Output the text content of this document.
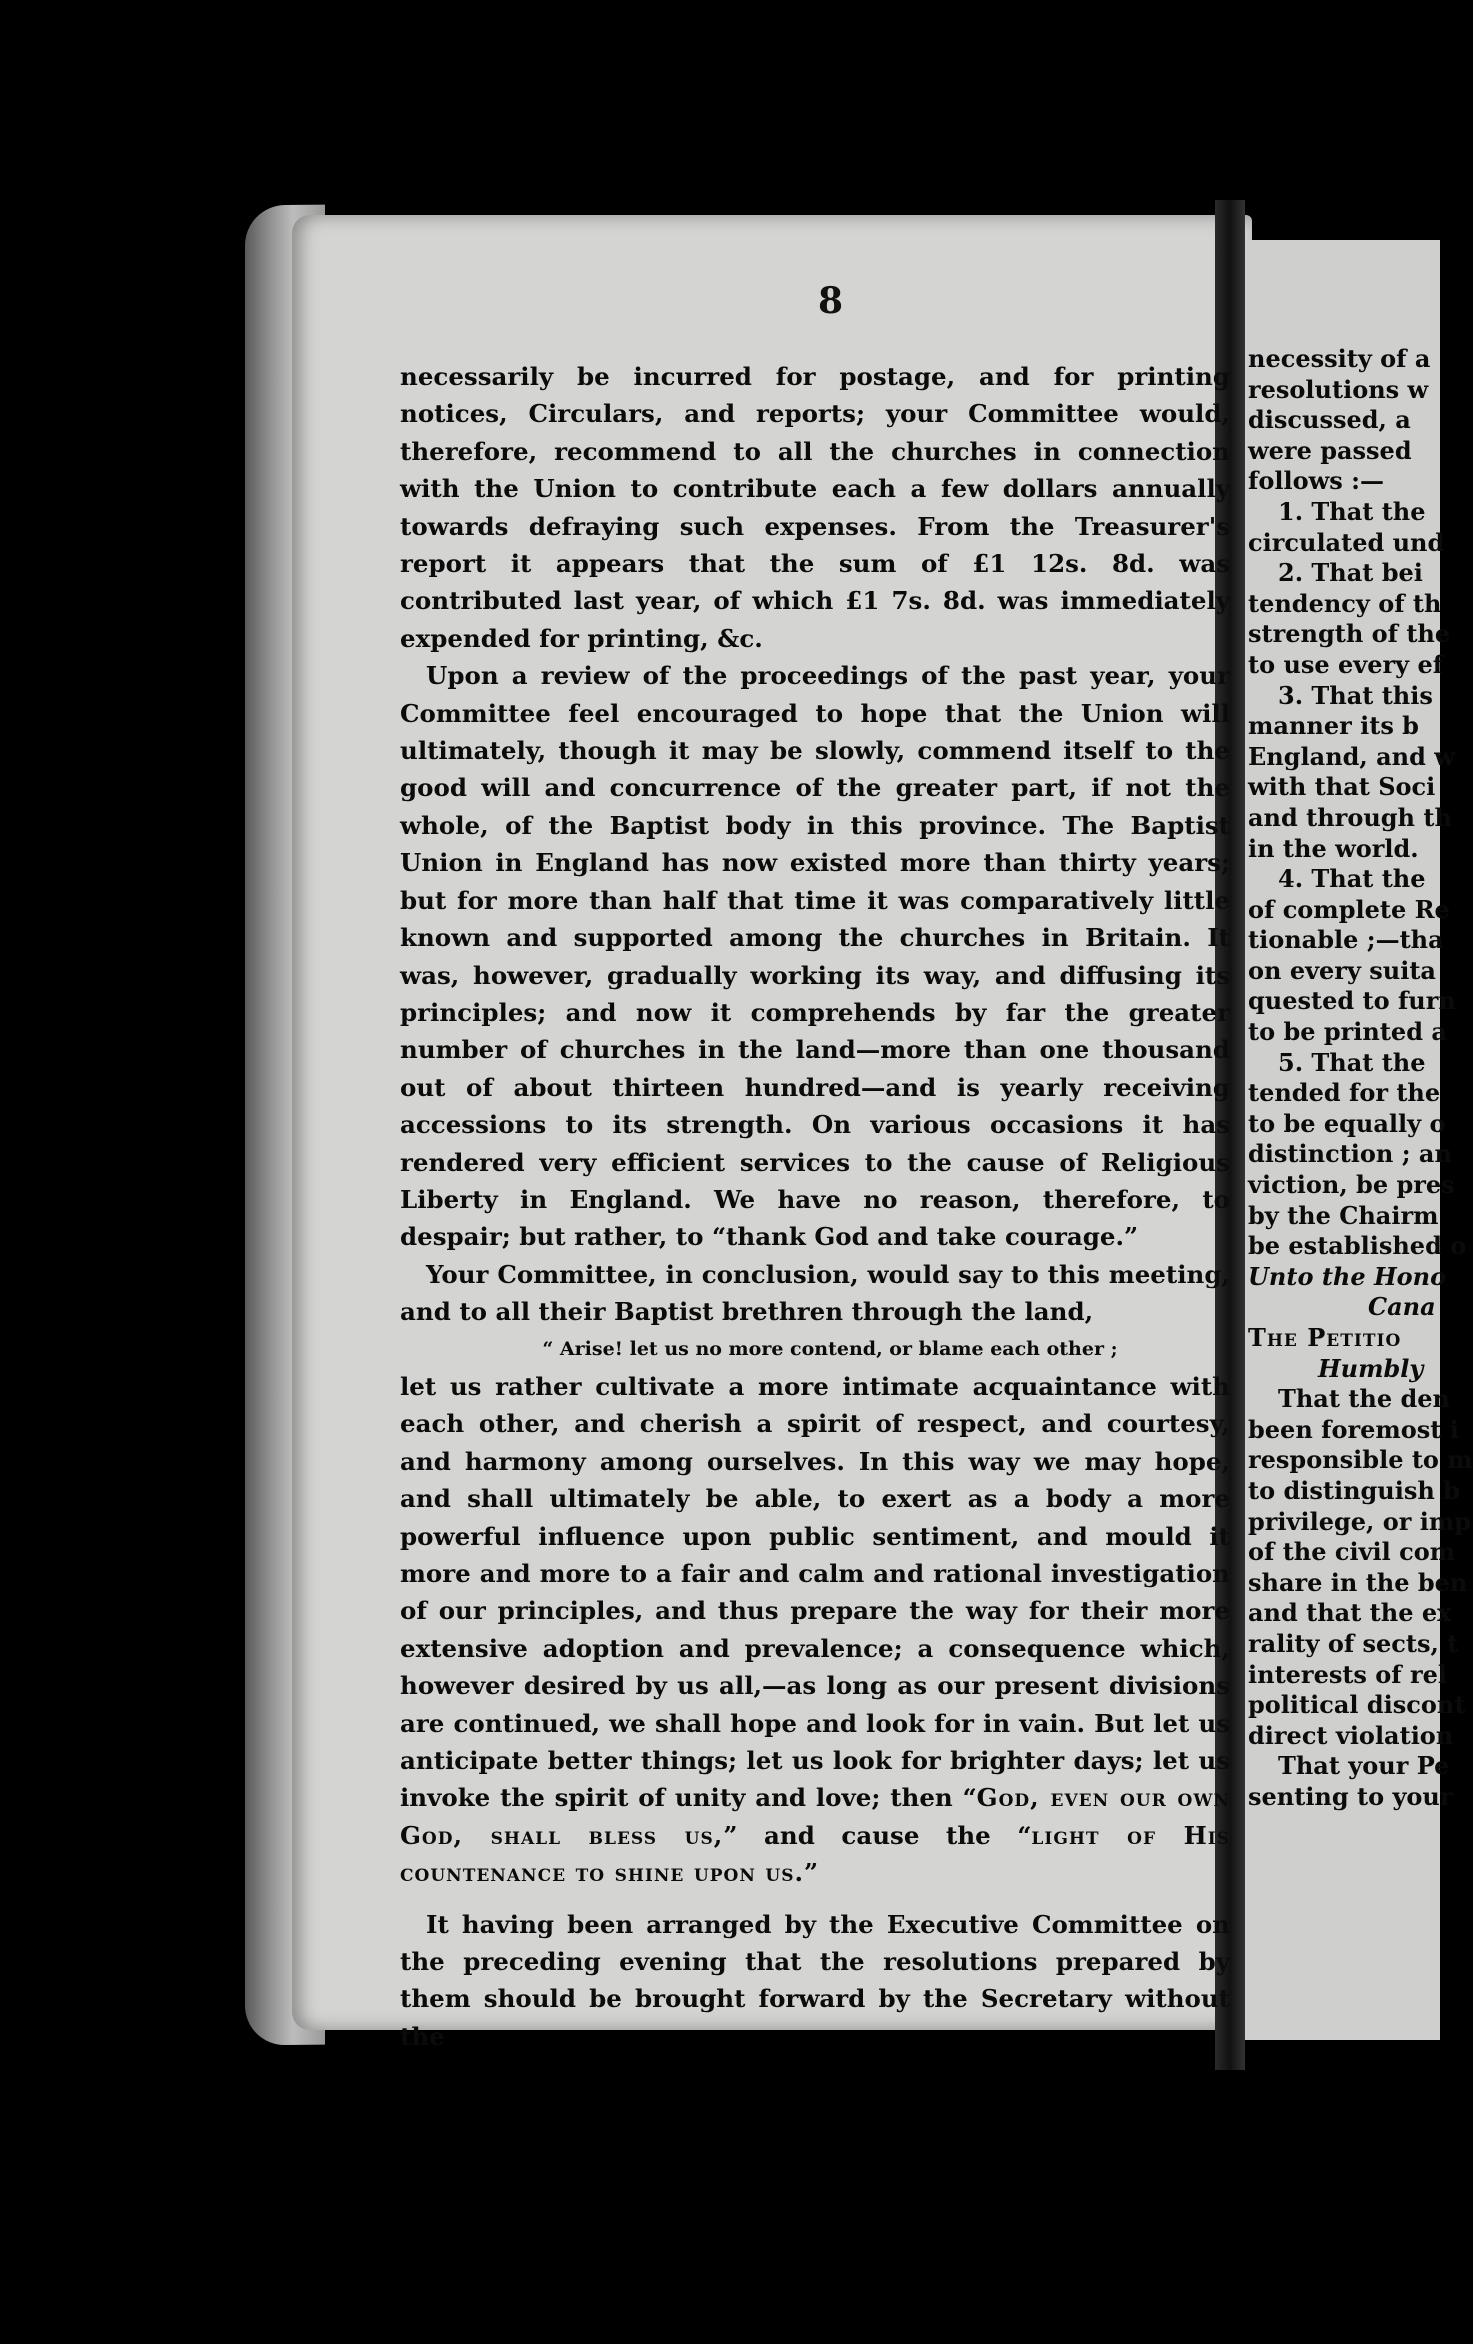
8

necessarily be incurred for postage, and for printing notices, Circulars, and reports; your Committee would, therefore, recommend to all the churches in connection with the Union to contribute each a few dollars annually towards defraying such expenses. From the Treasurer's report it appears that the sum of £1 12s. 8d. was contributed last year, of which £1 7s. 8d. was immediately expended for printing, &c.

Upon a review of the proceedings of the past year, your Committee feel encouraged to hope that the Union will ultimately, though it may be slowly, commend itself to the good will and concurrence of the greater part, if not the whole, of the Baptist body in this province. The Baptist Union in England has now existed more than thirty years; but for more than half that time it was comparatively little known and supported among the churches in Britain. It was, however, gradually working its way, and diffusing its principles; and now it comprehends by far the greater number of churches in the land—more than one thousand out of about thirteen hundred—and is yearly receiving accessions to its strength. On various occasions it has rendered very efficient services to the cause of Religious Liberty in England. We have no reason, therefore, to despair; but rather, to “thank God and take courage.”

Your Committee, in conclusion, would say to this meeting, and to all their Baptist brethren through the land,

“ Arise! let us no more contend, or blame each other ;

let us rather cultivate a more intimate acquaintance with each other, and cherish a spirit of respect, and courtesy, and harmony among ourselves. In this way we may hope, and shall ultimately be able, to exert as a body a more powerful influence upon public sentiment, and mould it more and more to a fair and calm and rational investigation of our principles, and thus prepare the way for their more extensive adoption and prevalence; a consequence which, however desired by us all,—as long as our present divisions are continued, we shall hope and look for in vain. But let us anticipate better things; let us look for brighter days; let us invoke the spirit of unity and love; then “God, even our own God, shall bless us,” and cause the “light of His countenance to shine upon us.”

It having been arranged by the Executive Committee on the preceding evening that the resolutions prepared by them should be brought forward by the Secretary without the

necessity of a
resolutions w
discussed, a
were passed
follows :—
1. That the
circulated und
2. That bei
tendency of th
strength of the
to use every ef
3. That this
manner its b
England, and w
with that Soci
and through th
in the world.
4. That the
of complete Re
tionable ;—tha
on every suita
quested to furn
to be printed a
5. That the
tended for the
to be equally o
distinction ; an
viction, be pres
by the Chairm
be established o
Unto the Hono
Cana
The Petitio
Humbly
That the den
been foremost i
responsible to m
to distinguish b
privilege, or imp
of the civil com
share in the ben
and that the ex
rality of sects, t
interests of rel
political discont
direct violation
That your Pe
senting to your
